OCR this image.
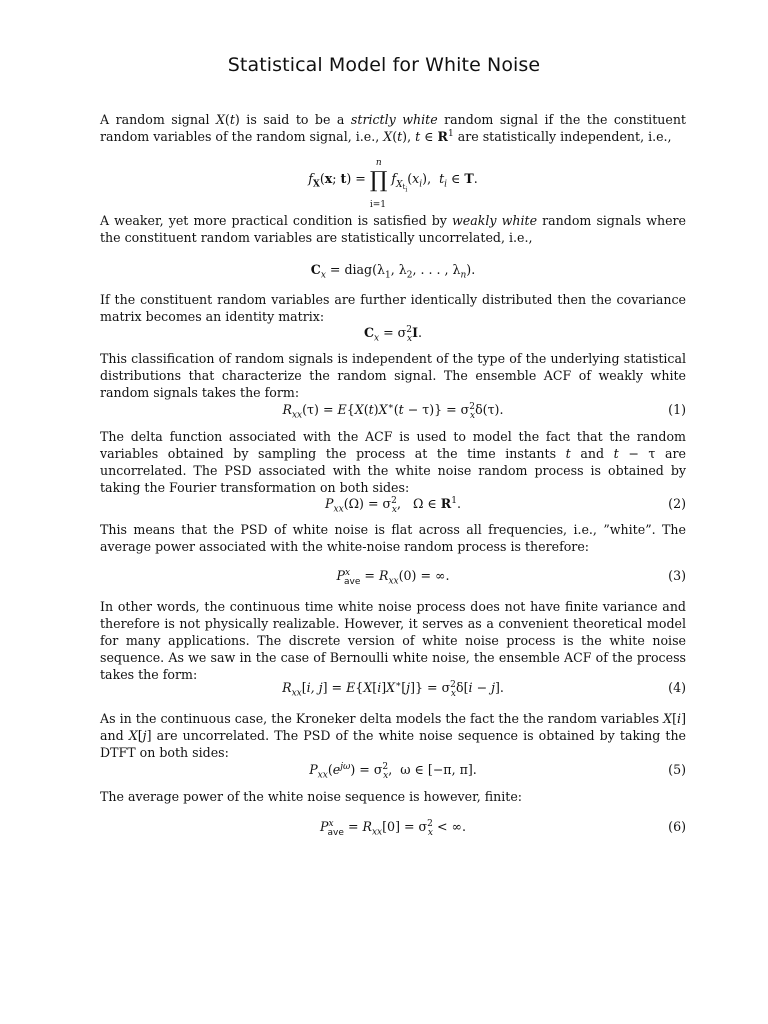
Statistical Model for White Noise
A random signal X(t) is said to be a strictly white random signal if the the constituent random variables of the random signal, i.e., X(t), t ∈ $R^1$ are statistically independent, i.e.,
$f_X(x$; t) = ∏
n
i=1
$f_{X_{t_i}}(x_i)$,  $t_i$ ∈ T.
A weaker, yet more practical condition is satisfied by weakly white random signals where the constituent random variables are statistically uncorrelated, i.e.,
$C_x$ = $diag(\lambda_1$, $\lambda_2$, . . . , $\lambda_n$).
If the constituent random variables are further identically distributed then the covariance matrix becomes an identity matrix:
$C_x = \sigma^2_xI$.
This classification of random signals is independent of the type of the underlying statistical distributions that characterize the random signal. The ensemble ACF of weakly white random signals takes the form:
$R_{xx}(\tau) = E\{X(t)X^∗(t - \tau)\} = \sigma^2_x\delta(\tau)$.	(1)
The delta function associated with the ACF is used to model the fact that the random variables obtained by sampling the process at the time instants t and t − τ are uncorrelated. The PSD associated with the white noise random process is obtained by taking the Fourier transformation on both sides:
$P_{xx}(\Omega) = \sigma^2_x$,   Ω ∈ $R^1$.	(2)
This means that the PSD of white noise is flat across all frequencies, i.e., ”white”. The average power associated with the white-noise random process is therefore:
$P^x_{ave} = R_{xx}(0)$ = ∞.	(3)
In other words, the continuous time white noise process does not have finite variance and therefore is not physically realizable. However, it serves as a convenient theoretical model for many applications. The discrete version of white noise process is the white noise sequence. As we saw in the case of Bernoulli white noise, the ensemble ACF of the process takes the form:
$R_{xx}[i$, $j] = E\{X[i]X^∗[j]\} = \sigma^2_x\delta[i - j]$.	(4)
As in the continuous case, the Kroneker delta models the fact the the random variables X[i] and X[j] are uncorrelated. The PSD of the white noise sequence is obtained by taking the DTFT on both sides:
$P_{xx}(e^{j\omega}) = \sigma^2_x$,  ω ∈ [−π, π].	(5)
The average power of the white noise sequence is however, finite:
$P^x_{ave} = R_{xx}[0] = \sigma^2_x$ < ∞.	(6)
